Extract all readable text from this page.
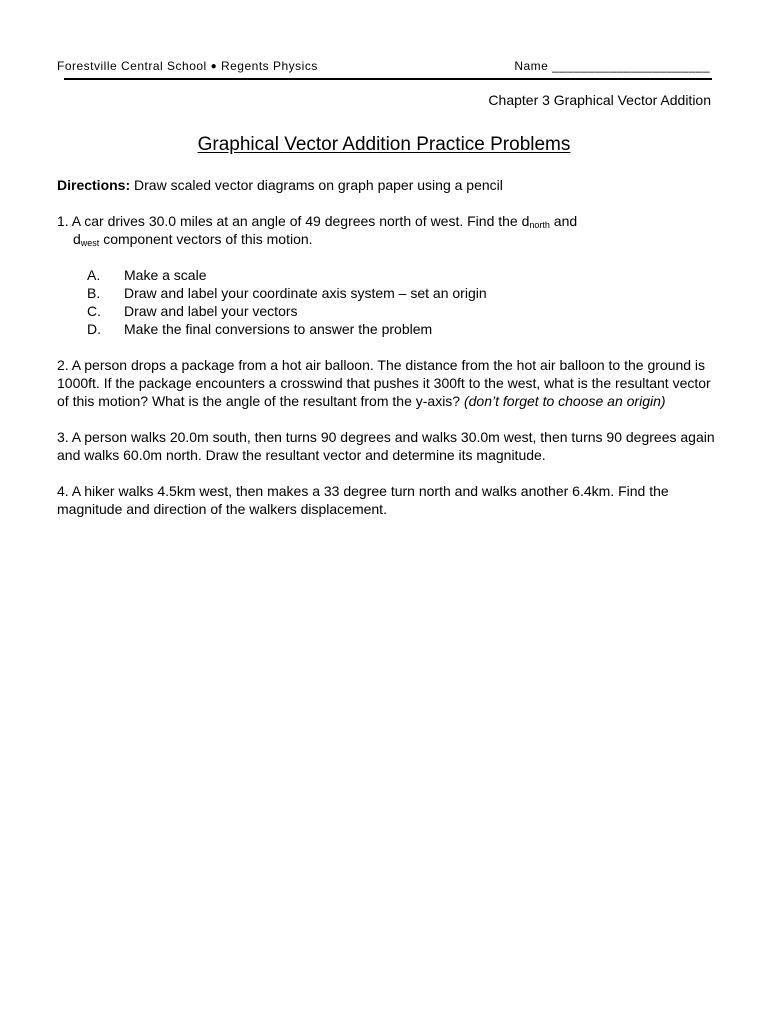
Forestville Central School ● Regents Physics	Name ______________________
Chapter 3 Graphical Vector Addition
Graphical Vector Addition Practice Problems

Directions: Draw scaled vector diagrams on graph paper using a pencil

1. A car drives 30.0 miles at an angle of 49 degrees north of west. Find the $d_{north}$ and

$d_{west}$ component vectors of this motion.

A. Make a scale
B. Draw and label your coordinate axis system – set an origin
C. Draw and label your vectors
D. Make the final conversions to answer the problem

2. A person drops a package from a hot air balloon. The distance from the hot air balloon to the ground is 1000ft. If the package encounters a crosswind that pushes it 300ft to the west, what is the resultant vector of this motion? What is the angle of the resultant from the y-axis? (don’t forget to choose an origin)

3. A person walks 20.0m south, then turns 90 degrees and walks 30.0m west, then turns 90 degrees again and walks 60.0m north. Draw the resultant vector and determine its magnitude.

4. A hiker walks 4.5km west, then makes a 33 degree turn north and walks another 6.4km. Find the magnitude and direction of the walkers displacement.
